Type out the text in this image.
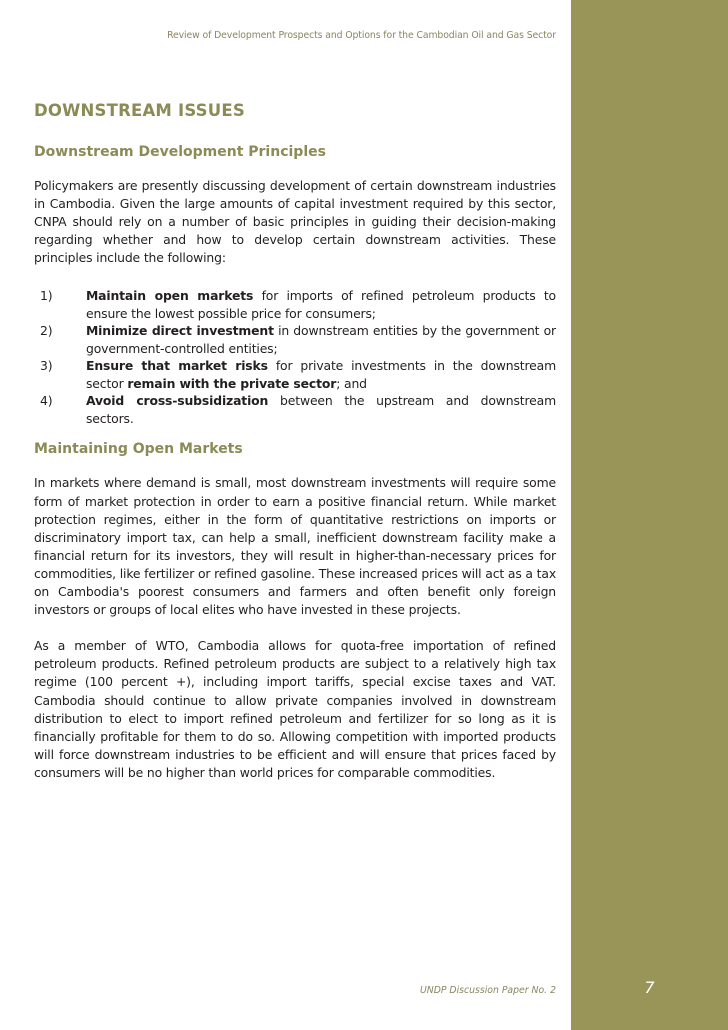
7
Review of Development Prospects and Options for the Cambodian Oil and Gas Sector
DOWNSTREAM ISSUES
Downstream Development Principles

Policymakers are presently discussing development of certain downstream industries in Cambodia. Given the large amounts of capital investment required by this sector, CNPA should rely on a number of basic principles in guiding their decision-making regarding whether and how to develop certain downstream activities. These principles include the following:

1)	Maintain open markets for imports of refined petroleum products to ensure the lowest possible price for consumers;
2)	Minimize direct investment in downstream entities by the government or government-controlled entities;
3)	Ensure that market risks for private investments in the downstream sector remain with the private sector; and
4)	Avoid cross-subsidization between the upstream and downstream sectors.
Maintaining Open Markets

In markets where demand is small, most downstream investments will require some form of market protection in order to earn a positive financial return. While market protection regimes, either in the form of quantitative restrictions on imports or discriminatory import tax, can help a small, inefficient downstream facility make a financial return for its investors, they will result in higher-than-necessary prices for commodities, like fertilizer or refined gasoline. These increased prices will act as a tax on Cambodia's poorest consumers and farmers and often benefit only foreign investors or groups of local elites who have invested in these projects.

As a member of WTO, Cambodia allows for quota-free importation of refined petroleum products. Refined petroleum products are subject to a relatively high tax regime (100 percent +), including import tariffs, special excise taxes and VAT. Cambodia should continue to allow private companies involved in downstream distribution to elect to import refined petroleum and fertilizer for so long as it is financially profitable for them to do so. Allowing competition with imported products will force downstream industries to be efficient and will ensure that prices faced by consumers will be no higher than world prices for comparable commodities.

UNDP Discussion Paper No. 2
